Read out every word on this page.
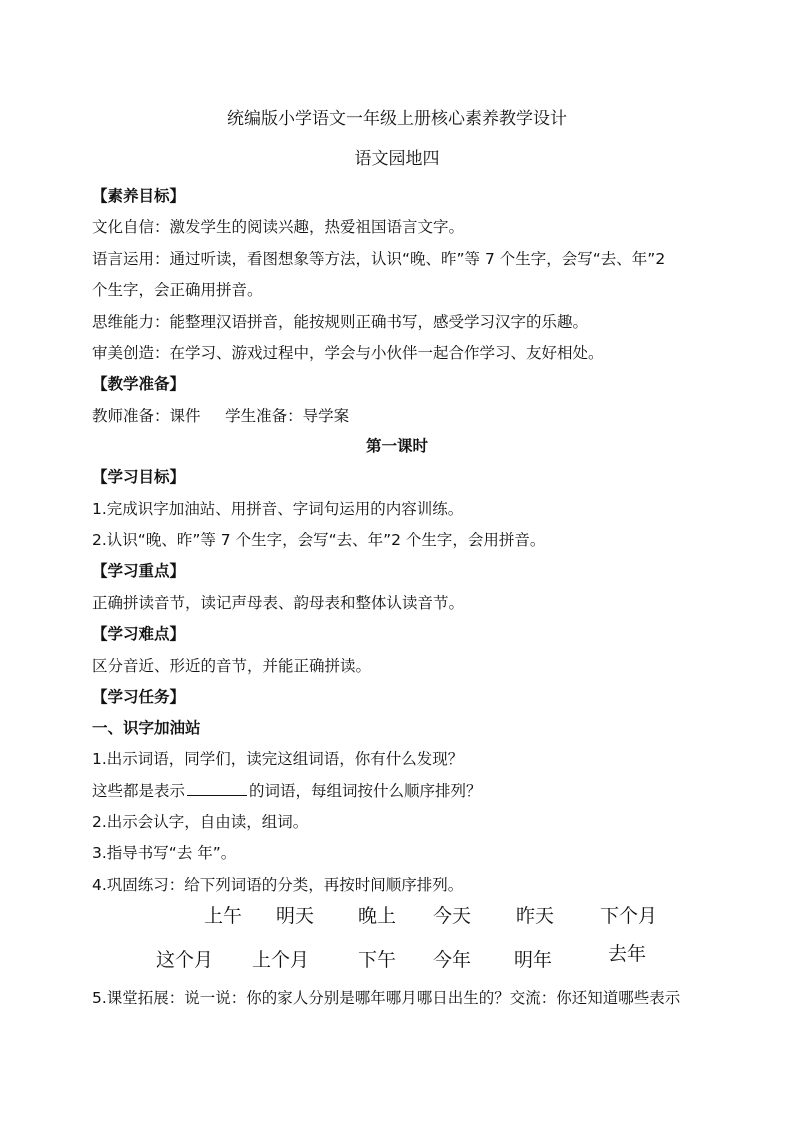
统编版小学语文一年级上册核心素养教学设计
语文园地四
【素养目标】
文化自信：激发学生的阅读兴趣，热爱祖国语言文字。
语言运用：通过听读，看图想象等方法，认识“晚、昨”等 7 个生字，会写“去、年”2
个生字，会正确用拼音。
思维能力：能整理汉语拼音，能按规则正确书写，感受学习汉字的乐趣。
审美创造：在学习、游戏过程中，学会与小伙伴一起合作学习、友好相处。
【教学准备】
教师准备：课件     学生准备：导学案
第一课时
【学习目标】
1.完成识字加油站、用拼音、字词句运用的内容训练。
2.认识“晚、昨”等 7 个生字，会写“去、年”2 个生字，会用拼音。
【学习重点】
正确拼读音节，读记声母表、韵母表和整体认读音节。
【学习难点】
区分音近、形近的音节，并能正确拼读。
【学习任务】
一、识字加油站
1.出示词语，同学们，读完这组词语，你有什么发现？
这些都是表示	的词语，每组词按什么顺序排列？
2.出示会认字，自由读，组词。
3.指导书写“去 年”。
4.巩固练习：给下列词语的分类，再按时间顺序排列。
上午 明天 晚上 今天 昨天 下个月
这个月 上个月	下午 今年 明年	去年
5.课堂拓展：说一说：你的家人分别是哪年哪月哪日出生的？交流：你还知道哪些表示
